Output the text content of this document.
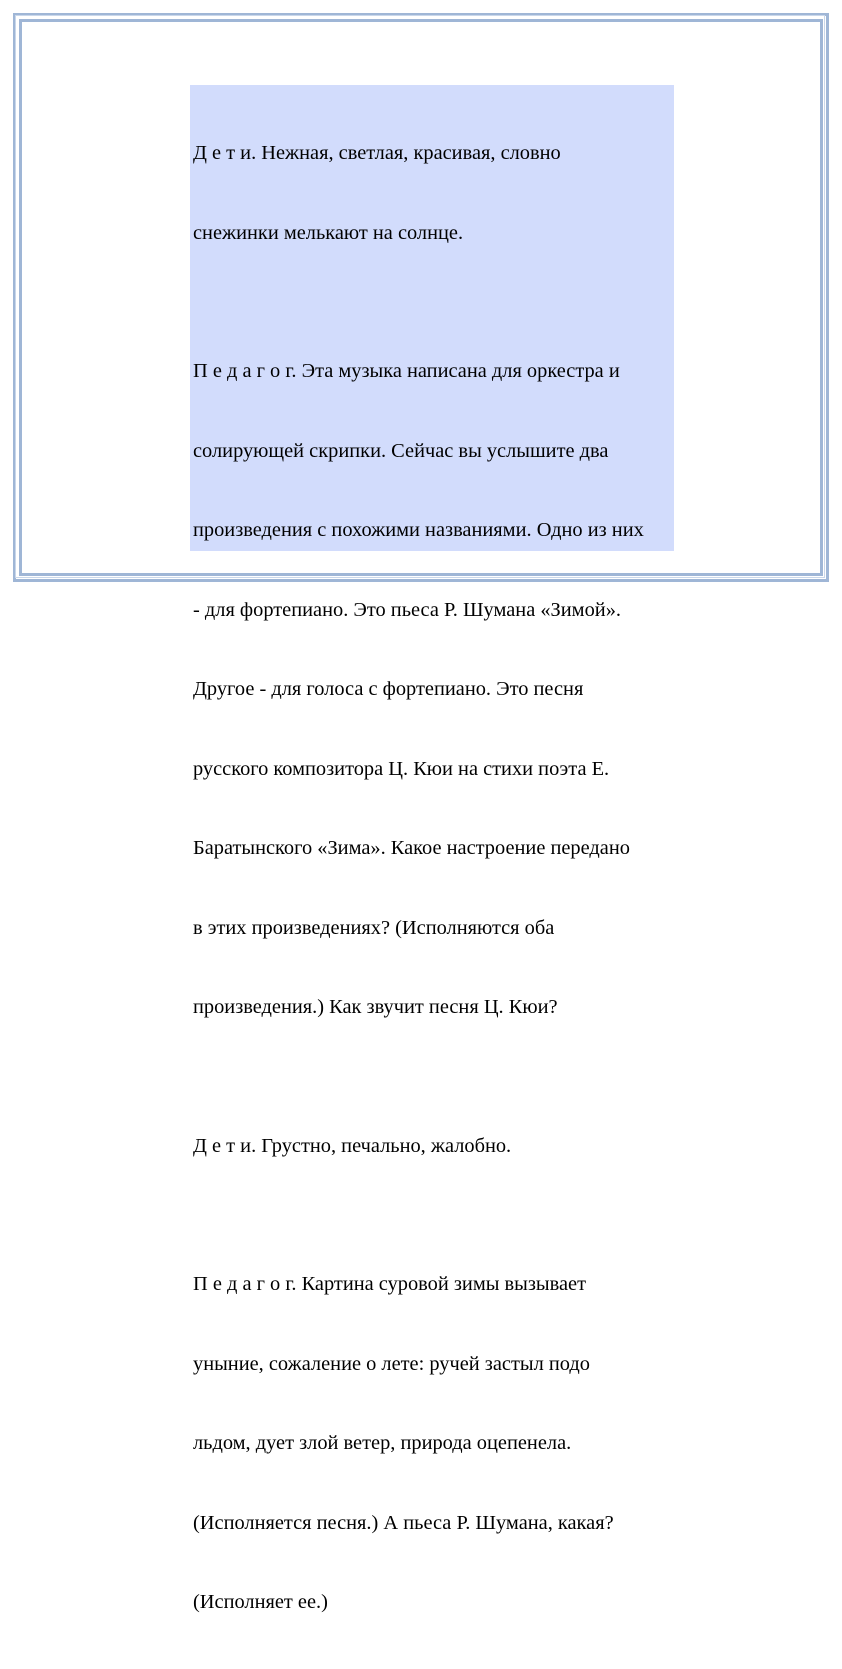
Д е т и. Нежная, светлая, красивая, словно

снежинки мелькают на солнце.

П е д а г о г. Эта музыка написана для оркестра и

солирующей скрипки. Сейчас вы услышите два

произведения с похожими названиями. Одно из них

- для фортепиано. Это пьеса Р. Шумана «Зимой».

Другое - для голоса с фортепиано. Это песня

русского композитора Ц. Кюи на стихи поэта Е.

Баратынского «Зима». Какое настроение передано

в этих произведениях? (Исполняются оба

произведения.) Как звучит песня Ц. Кюи?

Д е т и. Грустно, печально, жалобно.

П е д а г о г. Картина суровой зимы вызывает

уныние, сожаление о лете: ручей застыл подо

льдом, дует злой ветер, природа оцепенела.

(Исполняется песня.) А пьеса Р. Шумана, какая?

(Исполняет ее.)
